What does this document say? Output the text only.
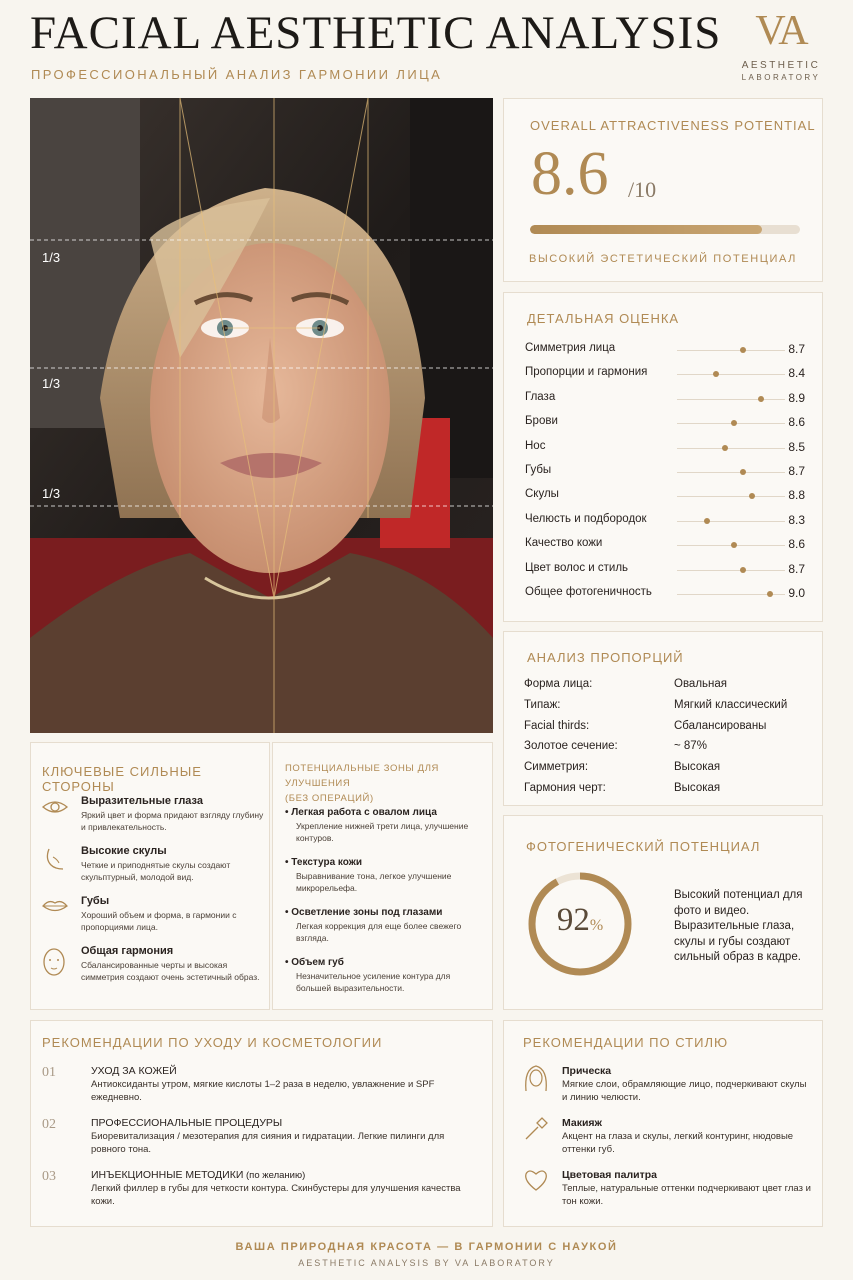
FACIAL AESTHETIC ANALYSIS
ПРОФЕССИОНАЛЬНЫЙ АНАЛИЗ ГАРМОНИИ ЛИЦА
VA
AESTHETIC
LABORATORY
1/3
1/3
1/3
OVERALL ATTRACTIVENESS POTENTIAL
8.6 /10
ВЫСОКИЙ ЭСТЕТИЧЕСКИЙ ПОТЕНЦИАЛ
ДЕТАЛЬНАЯ ОЦЕНКА
Симметрия лица	8.7
Пропорции и гармония	8.4
Глаза	8.9
Брови	8.6
Нос	8.5
Губы	8.7
Скулы	8.8
Челюсть и подбородок	8.3
Качество кожи	8.6
Цвет волос и стиль	8.7
Общее фотогеничность	9.0
АНАЛИЗ ПРОПОРЦИЙ
Форма лица:	Овальная
Типаж:	Мягкий классический
Facial thirds:	Сбалансированы
Золотое сечение:	~ 87%
Симметрия:	Высокая
Гармония черт:	Высокая
ФОТОГЕНИЧЕСКИЙ ПОТЕНЦИАЛ
92%
Высокий потенциал для фото и видео. Выразительные глаза, скулы и губы создают сильный образ в кадре.
КЛЮЧЕВЫЕ СИЛЬНЫЕ СТОРОНЫ
Выразительные глаза
Яркий цвет и форма придают взгляду глубину и привлекательность.
Высокие скулы
Четкие и приподнятые скулы создают скульптурный, молодой вид.
Губы
Хороший объем и форма, в гармонии с пропорциями лица.
Общая гармония
Сбалансированные черты и высокая симметрия создают очень эстетичный образ.
ПОТЕНЦИАЛЬНЫЕ ЗОНЫ ДЛЯ УЛУЧШЕНИЯ
(БЕЗ ОПЕРАЦИЙ)
• Легкая работа с овалом лица
Укрепление нижней трети лица, улучшение контуров.
• Текстура кожи
Выравнивание тона, легкое улучшение микрорельефа.
• Осветление зоны под глазами
Легкая коррекция для еще более свежего взгляда.
• Объем губ
Незначительное усиление контура для большей выразительности.
РЕКОМЕНДАЦИИ ПО УХОДУ И КОСМЕТОЛОГИИ
01	УХОД ЗА КОЖЕЙ
Антиоксиданты утром, мягкие кислоты 1–2 раза в неделю, увлажнение и SPF ежедневно.
02	ПРОФЕССИОНАЛЬНЫЕ ПРОЦЕДУРЫ
Биоревитализация / мезотерапия для сияния и гидратации. Легкие пилинги для ровного тона.
03	ИНЪЕКЦИОННЫЕ МЕТОДИКИ (по желанию)
Легкий филлер в губы для четкости контура. Скинбустеры для улучшения качества кожи.
РЕКОМЕНДАЦИИ ПО СТИЛЮ
Прическа
Мягкие слои, обрамляющие лицо, подчеркивают скулы и линию челюсти.
Макияж
Акцент на глаза и скулы, легкий контуринг, нюдовые оттенки губ.
Цветовая палитра
Теплые, натуральные оттенки подчеркивают цвет глаз и тон кожи.
ВАША ПРИРОДНАЯ КРАСОТА — В ГАРМОНИИ С НАУКОЙ
AESTHETIC ANALYSIS BY VA LABORATORY
